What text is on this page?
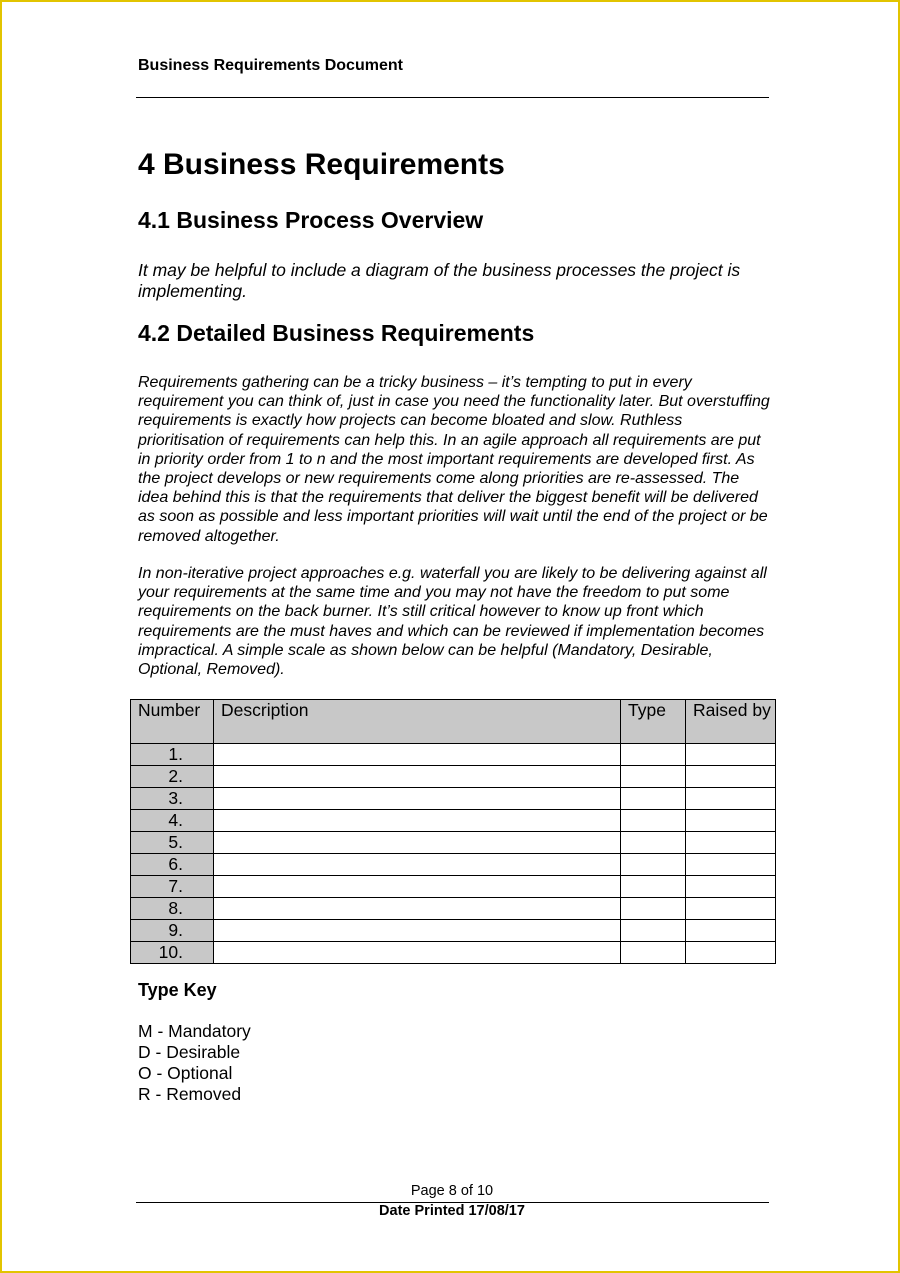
Business Requirements Document
4 Business Requirements
4.1 Business Process Overview

It may be helpful to include a diagram of the business processes the project is implementing.

4.2 Detailed Business Requirements

Requirements gathering can be a tricky business – it’s tempting to put in every requirement you can think of, just in case you need the functionality later. But overstuffing requirements is exactly how projects can become bloated and slow. Ruthless prioritisation of requirements can help this. In an agile approach all requirements are put in priority order from 1 to n and the most important requirements are developed first. As the project develops or new requirements come along priorities are re-assessed. The idea behind this is that the requirements that deliver the biggest benefit will be delivered as soon as possible and less important priorities will wait until the end of the project or be removed altogether.

In non-iterative project approaches e.g. waterfall you are likely to be delivering against all your requirements at the same time and you may not have the freedom to put some requirements on the back burner. It’s still critical however to know up front which requirements are the must haves and which can be reviewed if implementation becomes impractical. A simple scale as shown below can be helpful (Mandatory, Desirable, Optional, Removed).

Number	Description	Type	Raised by
1.			
2.			
3.			
4.			
5.			
6.			
7.			
8.			
9.			
10.			
Type Key
M - Mandatory
D - Desirable
O - Optional
R - Removed
Page 8 of 10
Date Printed 17/08/17
